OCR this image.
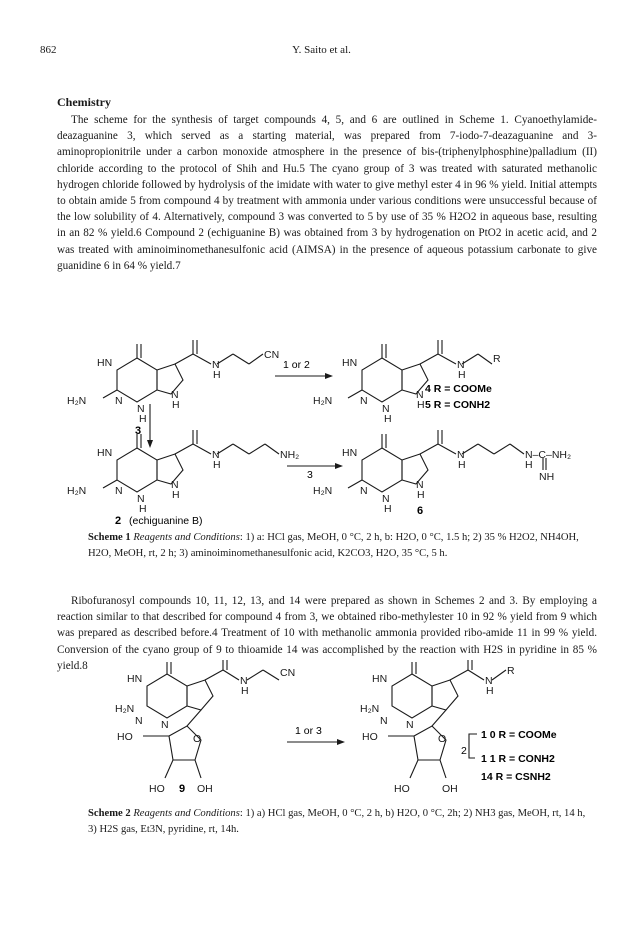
862	Y. Saito et al.
Chemistry

The scheme for the synthesis of target compounds 4, 5, and 6 are outlined in Scheme 1. Cyanoethylamide-deazaguanine 3, which served as a starting material, was prepared from 7-iodo-7-deazaguanine and 3-aminopropionitrile under a carbon monoxide atmosphere in the presence of bis-(triphenylphosphine)palladium (II) chloride according to the protocol of Shih and Hu.5 The cyano group of 3 was treated with saturated methanolic hydrogen chloride followed by hydrolysis of the imidate with water to give methyl ester 4 in 96 % yield. Initial attempts to obtain amide 5 from compound 4 by treatment with ammonia under various conditions were unsuccessful because of the low solubility of 4. Alternatively, compound 3 was converted to 5 by use of 35 % H2O2 in aqueous base, resulting in an 82 % yield.6 Compound 2 (echiguanine B) was obtained from 3 by hydrogenation on PtO2 in acetic acid, and 2 was treated with aminoiminomethanesulfonic acid (AIMSA) in the presence of aqueous potassium carbonate to give guanidine 6 in 64 % yield.7

HN
H₂N	N
N
H
N
H
N
H
CN
HN
H₂N	N
N
H
N
H
N
H
R
HN
H₂N	N
N
H
N
H
N
H
NH₂	HN
H₂N	N
N
H
N
H
N
H
N–C–NH₂
H
NH
1 or 2
3
3
2 (echiguanine B)
6
4 R = COOMe
5 R = CONH2
Scheme 1 Reagents and Conditions: 1) a: HCl gas, MeOH, 0 °C, 2 h, b: H2O, 0 °C, 1.5 h; 2) 35 % H2O2, NH4OH, H2O, MeOH, rt, 2 h; 3) aminoiminomethanesulfonic acid, K2CO3, H2O, 35 °C, 5 h.

Ribofuranosyl compounds 10, 11, 12, 13, and 14 were prepared as shown in Schemes 2 and 3. By employing a reaction similar to that described for compound 4 from 3, we obtained ribo-methylester 10 in 92 % yield from 9 which was prepared as described before.4 Treatment of 10 with methanolic ammonia provided ribo-amide 11 in 99 % yield. Conversion of the cyano group of 9 to thioamide 14 was accomplished by the reaction with H2S in pyridine in 85 % yield.8

HN
H₂N
N N
HO	O
HO	OH
N
H
CN	HN
H₂N
N N
HO	O
HO	OH
N
H
R
1 or 3
9
2
1 0 R = COOMe
1 1 R = CONH2
14 R = CSNH2
Scheme 2 Reagents and Conditions: 1) a) HCl gas, MeOH, 0 °C, 2 h, b) H2O, 0 °C, 2h; 2) NH3 gas, MeOH, rt, 14 h, 3) H2S gas, Et3N, pyridine, rt, 14h.
